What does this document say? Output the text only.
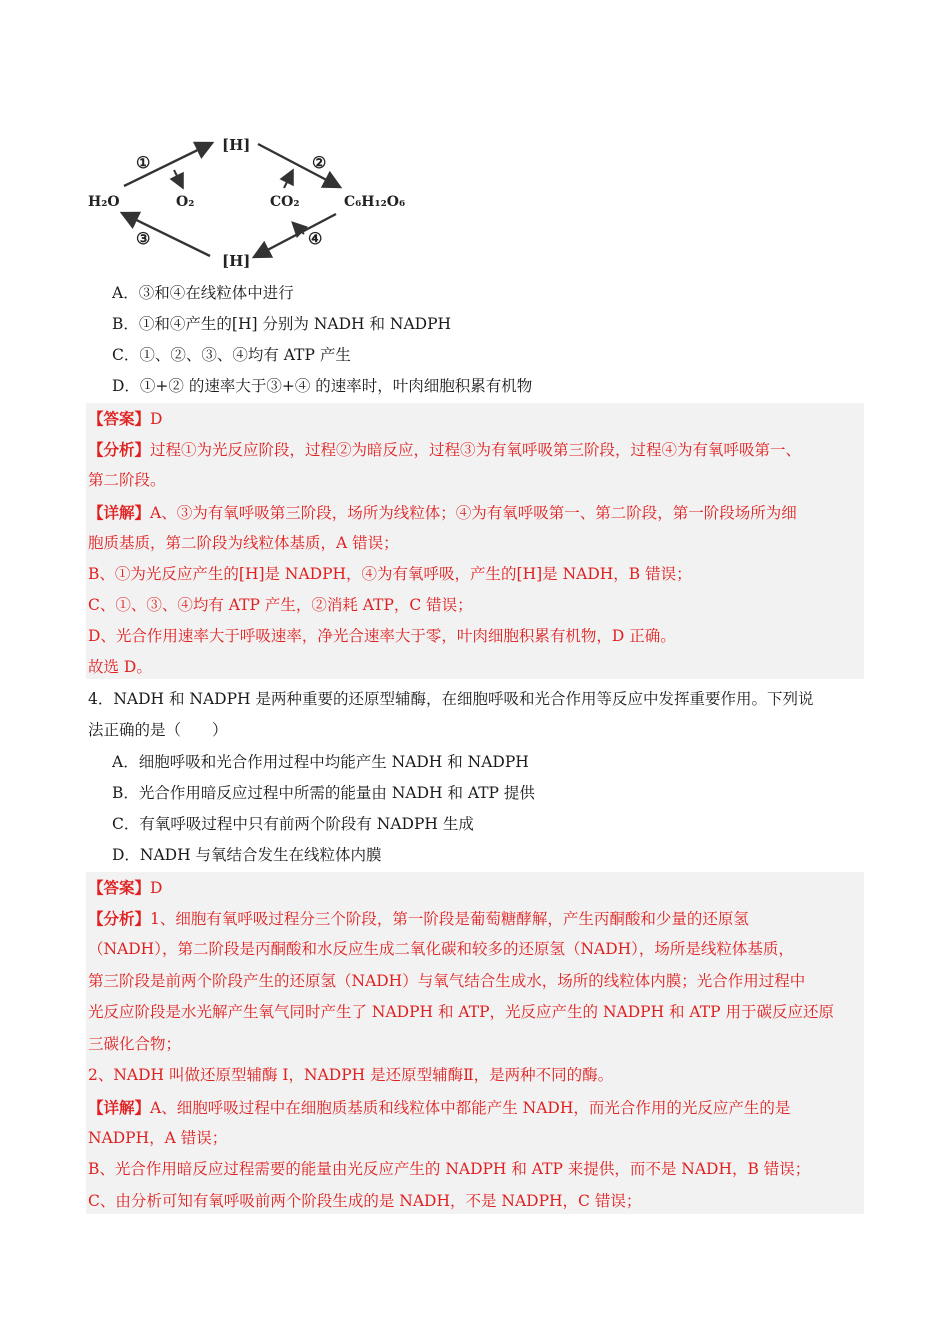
[H]
[H]
H₂O	O₂	CO₂	C₆H₁₂O₆
①	②
③	④
A．③和④在线粒体中进行
B．①和④产生的[H] 分别为 NADH 和 NADPH
C．①、②、③、④均有 ATP 产生
D．①+② 的速率大于③+④ 的速率时，叶肉细胞积累有机物
【答案】D
【分析】过程①为光反应阶段，过程②为暗反应，过程③为有氧呼吸第三阶段，过程④为有氧呼吸第一、
第二阶段。
【详解】A、③为有氧呼吸第三阶段，场所为线粒体；④为有氧呼吸第一、第二阶段，第一阶段场所为细
胞质基质，第二阶段为线粒体基质，A 错误；
B、①为光反应产生的[H]是 NADPH，④为有氧呼吸，产生的[H]是 NADH，B 错误；
C、①、③、④均有 ATP 产生，②消耗 ATP，C 错误；
D、光合作用速率大于呼吸速率，净光合速率大于零，叶肉细胞积累有机物，D 正确。
故选 D。
4．NADH 和 NADPH 是两种重要的还原型辅酶，在细胞呼吸和光合作用等反应中发挥重要作用。下列说
法正确的是（　　）
A．细胞呼吸和光合作用过程中均能产生 NADH 和 NADPH
B．光合作用暗反应过程中所需的能量由 NADH 和 ATP 提供
C．有氧呼吸过程中只有前两个阶段有 NADPH 生成
D．NADH 与氧结合发生在线粒体内膜
【答案】D
【分析】1、细胞有氧呼吸过程分三个阶段，第一阶段是葡萄糖酵解，产生丙酮酸和少量的还原氢
（NADH），第二阶段是丙酮酸和水反应生成二氧化碳和较多的还原氢（NADH），场所是线粒体基质，
第三阶段是前两个阶段产生的还原氢（NADH）与氧气结合生成水，场所的线粒体内膜；光合作用过程中
光反应阶段是水光解产生氧气同时产生了 NADPH 和 ATP，光反应产生的 NADPH 和 ATP 用于碳反应还原
三碳化合物；
2、NADH 叫做还原型辅酶 I，NADPH 是还原型辅酶Ⅱ，是两种不同的酶。
【详解】A、细胞呼吸过程中在细胞质基质和线粒体中都能产生 NADH，而光合作用的光反应产生的是
NADPH，A 错误；
B、光合作用暗反应过程需要的能量由光反应产生的 NADPH 和 ATP 来提供，而不是 NADH，B 错误；
C、由分析可知有氧呼吸前两个阶段生成的是 NADH，不是 NADPH，C 错误；
